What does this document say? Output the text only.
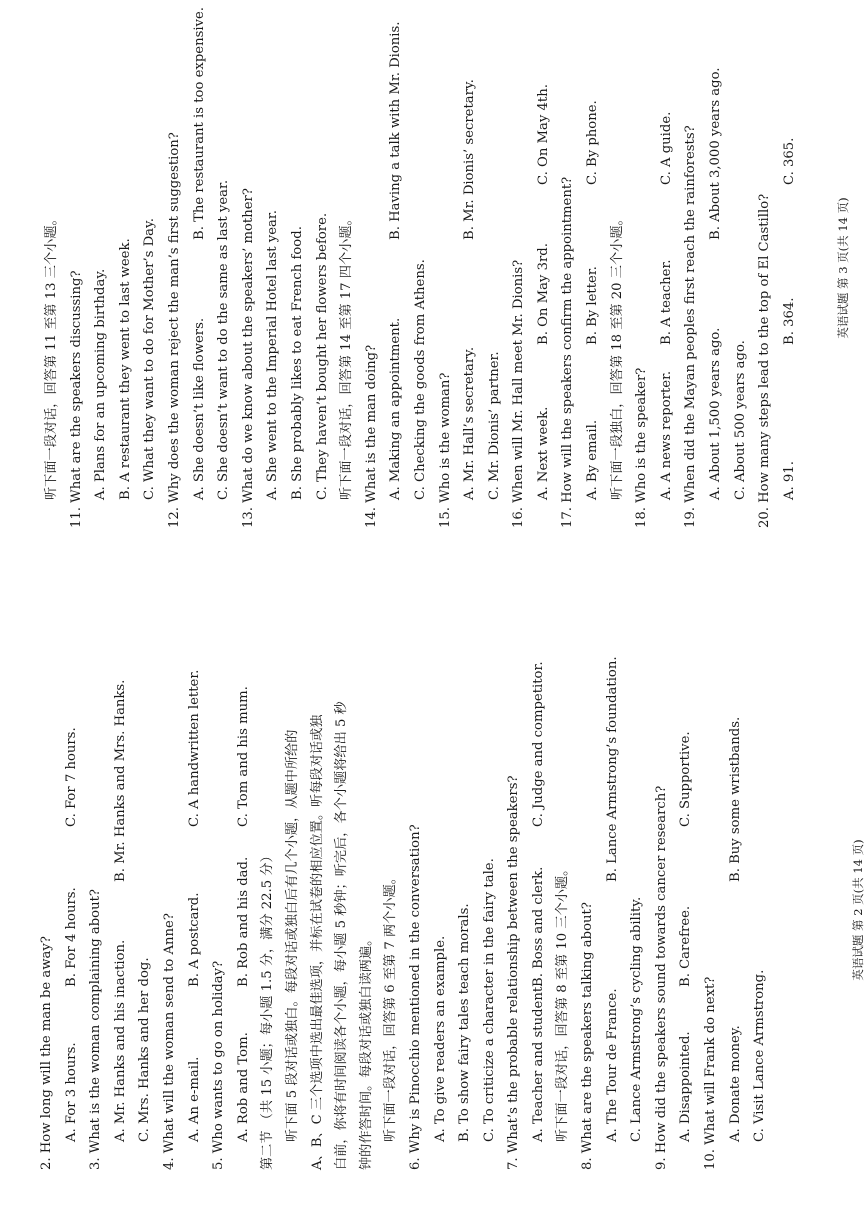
听下面一段对话，回答第 11 至第 13 三个小题。 11. What are the speakers discussing? A. Plans for an upcoming birthday. B. A restaurant they went to last week. C. What they want to do for Mother’s Day. 12. Why does the woman reject the man’s first suggestion? A. She doesn’t like flowers.B. The restaurant is too expensive.
C. She doesn’t want to do the same as last year. 13. What do we know about the speakers’ mother? A. She went to the Imperial Hotel last year. B. She probably likes to eat French food. C. They haven’t bought her flowers before. 听下面一段对话，回答第 14 至第 17 四个小题。 14. What is the man doing? A. Making an appointment.B. Having a talk with Mr. Dionis.
C. Checking the goods from Athens. 15. Who is the woman? A. Mr. Hall’s secretary.B. Mr. Dionis’ secretary.
C. Mr. Dionis’ partner. 16. When will Mr. Hall meet Mr. Dionis? A. Next week.B. On May 3rd.C. On May 4th.
17. How will the speakers confirm the appointment? A. By email.B. By letter.C. By phone.
听下面一段独白，回答第 18 至第 20 三个小题。 18. Who is the speaker? A. A news reporter.B. A teacher.C. A guide. 19. When did the Mayan peoples first reach the rainforests? A. About 1,500 years ago.B. About 3,000 years ago.
C. About 500 years ago. 20. How many steps lead to the top of El Castillo? A. 91.B. 364.C. 365.
英语试题 第 3 页(共 14 页)
2. How long will the man be away? A. For 3 hours.B. For 4 hours.C. For 7 hours.
3. What is the woman complaining about? A. Mr. Hanks and his inaction.B. Mr. Hanks and Mrs. Hanks.
C. Mrs. Hanks and her dog. 4. What will the woman send to Anne? A. An e-mail.B. A postcard.C. A handwritten letter.
5. Who wants to go on holiday? A. Rob and Tom.B. Rob and his dad.C. Tom and his mum.
第二节 （共 15 小题；每小题 1.5 分，满分 22.5 分） 听下面 5 段对话或独白。每段对话或独白后有几个小题，从题中所给的 A、B、C 三个选项中选出最佳选项，并标在试卷的相应位置。听每段对话或独 白前，你将有时间阅读各个小题，每小题 5 秒钟；听完后，各个小题将给出 5 秒 钟的作答时间。每段对话或独白读两遍。 听下面一段对话，回答第 6 至第 7 两个小题。 6. Why is Pinocchio mentioned in the conversation? A. To give readers an example. B. To show fairy tales teach morals. C. To criticize a character in the fairy tale. 7. What’s the probable relationship between the speakers? A. Teacher and student.B. Boss and clerk.C. Judge and competitor.
听下面一段对话，回答第 8 至第 10 三个小题。 8. What are the speakers talking about? A. The Tour de France.B. Lance Armstrong’s foundation.
C. Lance Armstrong’s cycling ability. 9. How did the speakers sound towards cancer research? A. Disappointed.B. Carefree.C. Supportive.
10. What will Frank do next? A. Donate money.B. Buy some wristbands.
C. Visit Lance Armstrong.
英语试题 第 2 页(共 14 页)
